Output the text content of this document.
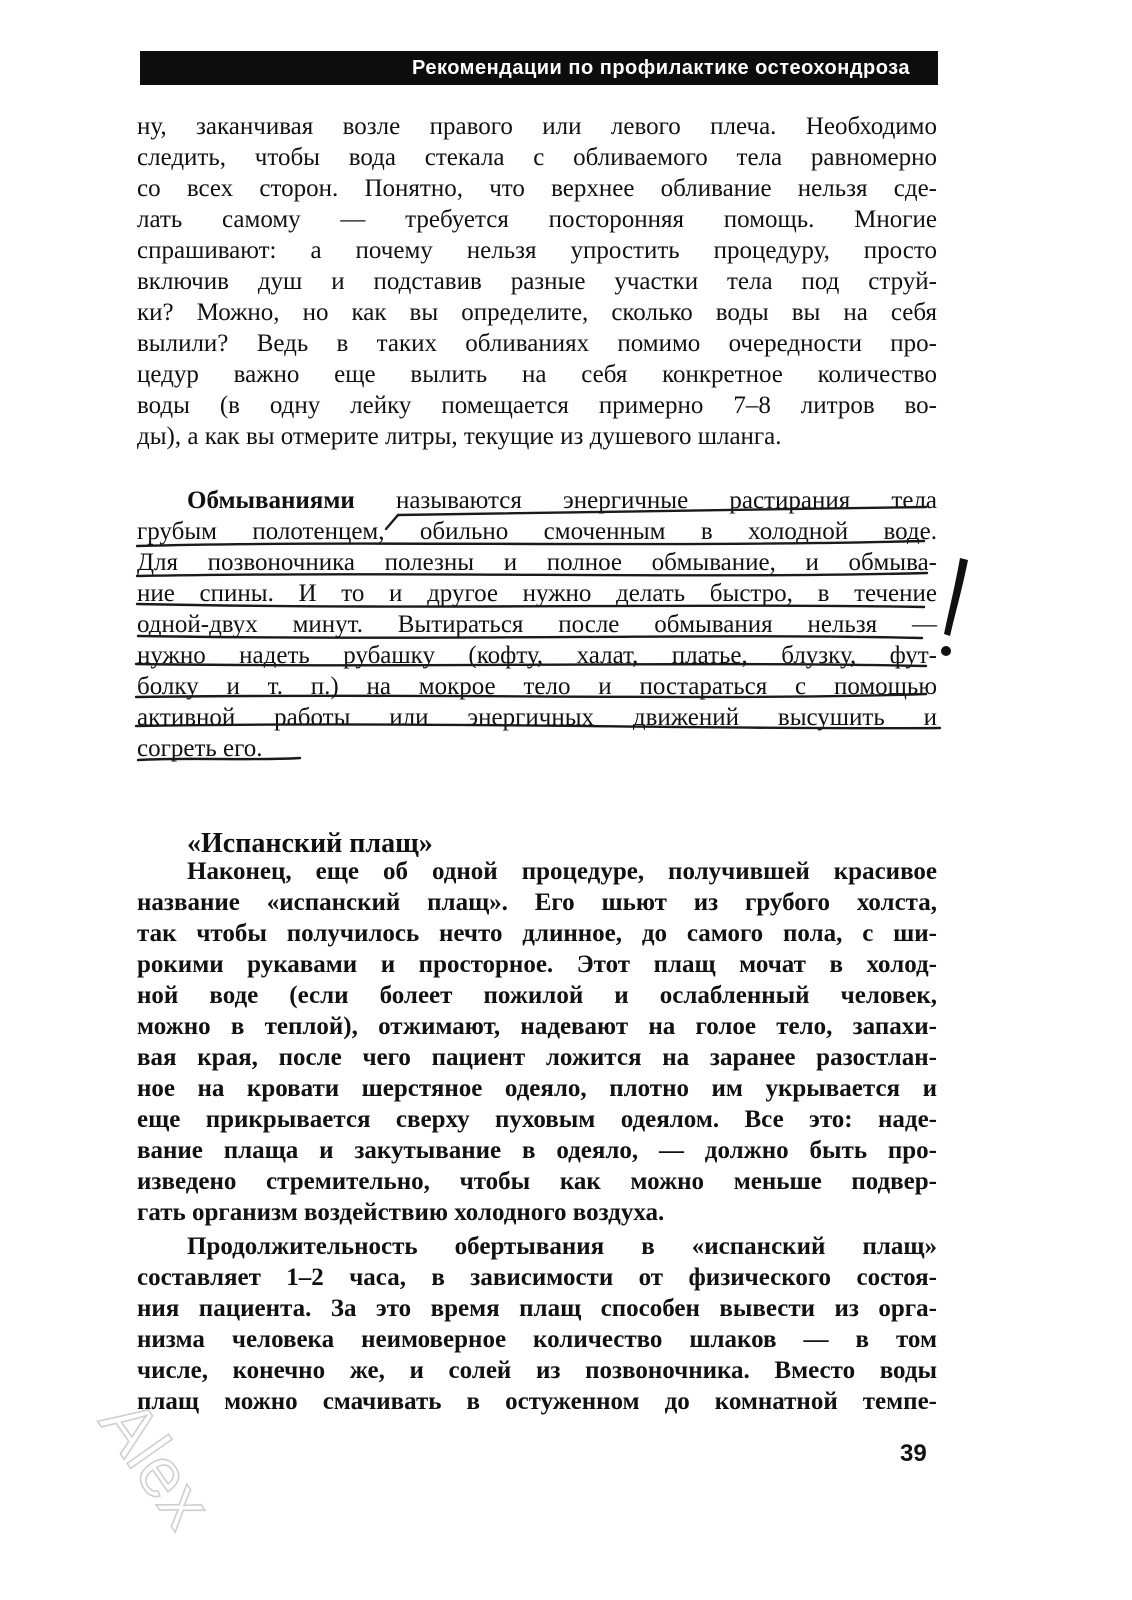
Рекомендации по профилактике остеохондроза
ну, заканчивая возле правого или левого плеча. Необходимо
следить, чтобы вода стекала с обливаемого тела равномерно
со всех сторон. Понятно, что верхнее обливание нельзя сде-
лать самому — требуется посторонняя помощь. Многие
спрашивают: а почему нельзя упростить процедуру, просто
включив душ и подставив разные участки тела под струй-
ки? Можно, но как вы определите, сколько воды вы на себя
вылили? Ведь в таких обливаниях помимо очередности про-
цедур важно еще вылить на себя конкретное количество
воды (в одну лейку помещается примерно 7–8 литров во-
ды), а как вы отмерите литры, текущие из душевого шланга.
Обмываниями называются энергичные растирания тела
грубым полотенцем, обильно смоченным в холодной воде.
Для позвоночника полезны и полное обмывание, и обмыва-
ние спины. И то и другое нужно делать быстро, в течение
одной-двух минут. Вытираться после обмывания нельзя —
нужно надеть рубашку (кофту, халат, платье, блузку, фут-
болку и т. п.) на мокрое тело и постараться с помощью
активной работы или энергичных движений высушить и
согреть его.
«Испанский плащ»
Наконец, еще об одной процедуре, получившей красивое
название «испанский плащ». Его шьют из грубого холста,
так чтобы получилось нечто длинное, до самого пола, с ши-
рокими рукавами и просторное. Этот плащ мочат в холод-
ной воде (если болеет пожилой и ослабленный человек,
можно в теплой), отжимают, надевают на голое тело, запахи-
вая края, после чего пациент ложится на заранее разостлан-
ное на кровати шерстяное одеяло, плотно им укрывается и
еще прикрывается сверху пуховым одеялом. Все это: наде-
вание плаща и закутывание в одеяло, — должно быть про-
изведено стремительно, чтобы как можно меньше подвер-
гать организм воздействию холодного воздуха.
Продолжительность обертывания в «испанский плащ»
составляет 1–2 часа, в зависимости от физического состоя-
ния пациента. За это время плащ способен вывести из орга-
низма человека неимоверное количество шлаков — в том
числе, конечно же, и солей из позвоночника. Вместо воды
плащ можно смачивать в остуженном до комнатной темпе-
39
Alex
